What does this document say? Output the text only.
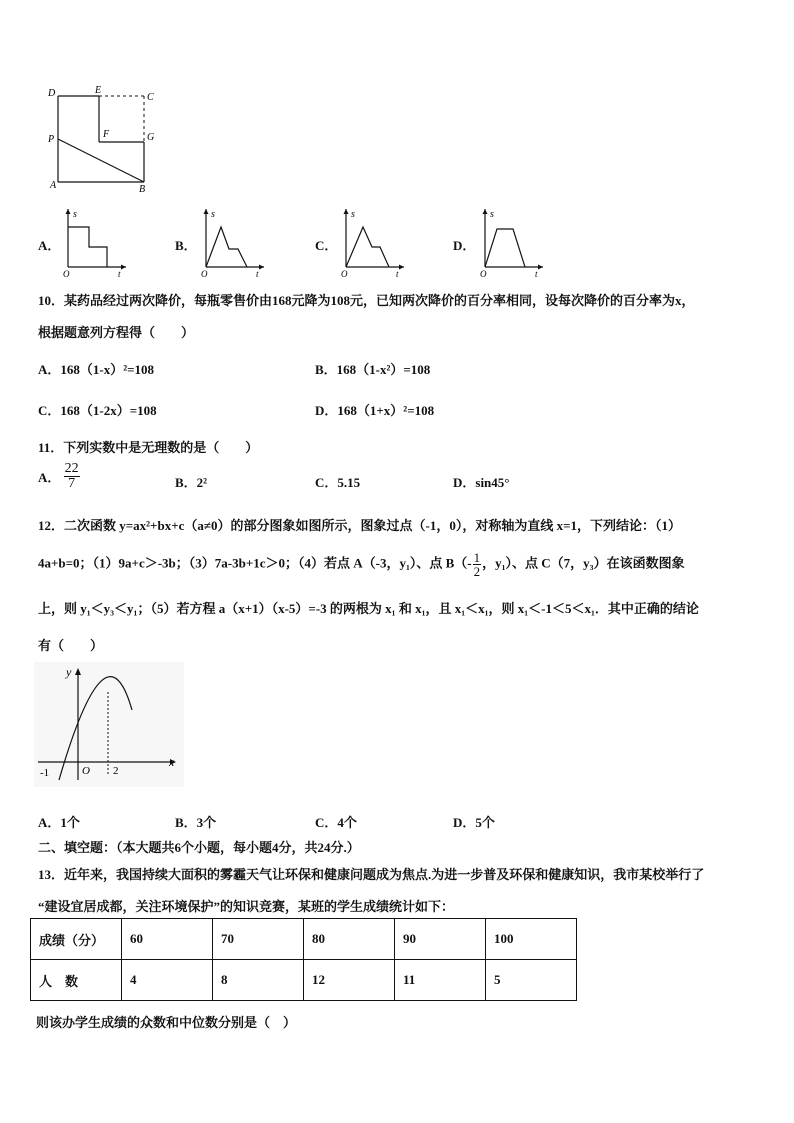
D	E
C
P	F	G
A	B
A．
s
O	t
B．
s
O	t
C．
s
O	t
D．
s
O	t
10．某药品经过两次降价，每瓶零售价由168元降为108元，已知两次降价的百分率相同，设每次降价的百分率为x，
根据题意列方程得（　　）
A．168（1-x）²=108	B．168（1-x²）=108
C．168（1-2x）=108	D．168（1+x）²=108
11．下列实数中是无理数的是（　　）
A． $\frac{22}{7}$	B．2²	C．5.15	D．sin45°
12．二次函数 y=ax²+bx+c（a≠0）的部分图象如图所示，图象过点（-1，0），对称轴为直线 x=1，下列结论：（1）
4a+b=0；（1）9a+c＞-3b；（3）7a-3b+1c＞0；（4）若点 A（-3，y₁）、点 $B(- \frac{1}{2}$ ，y₁）、点 C（7，y₃）在该函数图象
上，则 y₁＜y₃＜y₁；（5）若方程 a（x+1）（x-5）=-3 的两根为 x₁ 和 x₁，且 x₁＜x₁，则 x₁＜-1＜5＜x₁．其中正确的结论
有（　　）
y
x
O
-1	2
A．1个	B．3个	C．4个	D．5个
二、填空题：（本大题共6个小题，每小题4分，共24分.）
13．近年来，我国持续大面积的雾霾天气让环保和健康问题成为焦点.为进一步普及环保和健康知识，我市某校举行了
“建设宜居成都，关注环境保护”的知识竞赛，某班的学生成绩统计如下：
成绩（分）	60	70	80	90	100
人　数	4	8	12	11	5
则该办学生成绩的众数和中位数分别是（　）
